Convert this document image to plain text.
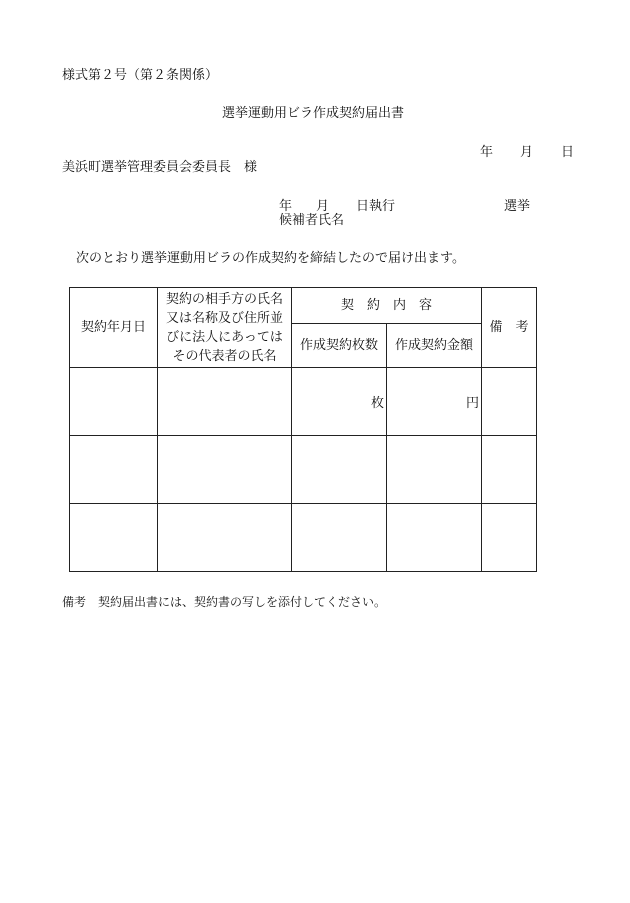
様式第２号（第２条関係）
選挙運動用ビラ作成契約届出書
年 月 日
美浜町選挙管理委員会委員長　様
年 月 日執行	選挙
候補者氏名
次のとおり選挙運動用ビラの作成契約を締結したので届け出ます。
契約年月日	契約の相手方の氏名
又は名称及び住所並
びに法人にあっては
その代表者の氏名	契　約　内　容		備　考
		作成契約枚数	作成契約金額	
		枚	円	

備考　契約届出書には、契約書の写しを添付してください。
